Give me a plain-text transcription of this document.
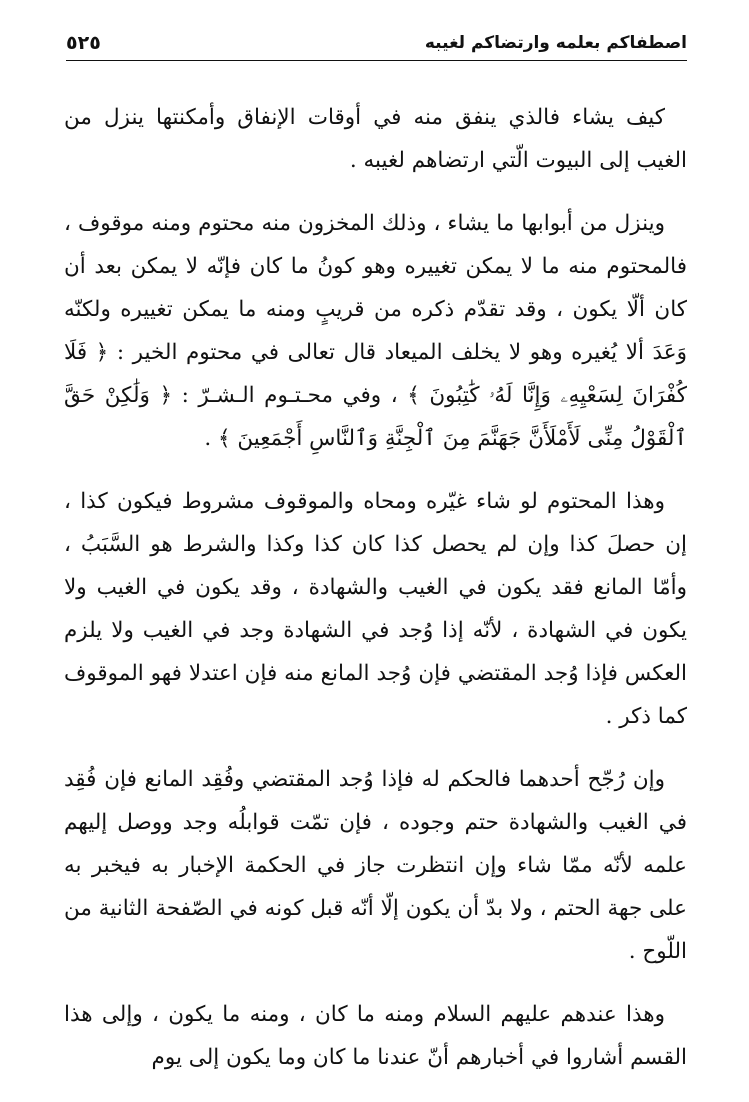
اصطفاكم بعلمه وارتضاكم لغيبه
٥٢٥

كيف يشاء فالذي ينفق منه في أوقات الإنفاق وأمكنتها ينزل من الغيب إلى البيوت الّتي ارتضاهم لغيبه .

وينزل من أبوابها ما يشاء ، وذلك المخزون منه محتوم ومنه موقوف ، فالمحتوم منه ما لا يمكن تغييره وهو كونُ ما كان فإنّه لا يمكن بعد أن كان ألّا يكون ، وقد تقدّم ذكره من قريبٍ ومنه ما يمكن تغييره ولكنّه وَعَدَ ألا يُغيره وهو لا يخلف الميعاد قال تعالى في محتوم الخير : ﴿ فَلَا كُفْرَانَ لِسَعْيِهِۦ وَإِنَّا لَهُۥ كَٰتِبُونَ ﴾ ، وفي محـتـوم الـشـرّ : ﴿ وَلَٰكِنْ حَقَّ ٱلْقَوْلُ مِنِّى لَأَمْلَأَنَّ جَهَنَّمَ مِنَ ٱلْجِنَّةِ وَٱلنَّاسِ أَجْمَعِينَ ﴾ .

وهذا المحتوم لو شاء غيّره ومحاه والموقوف مشروط فيكون كذا ، إن حصلَ كذا وإن لم يحصل كذا كان كذا وكذا والشرط هو السَّبَبُ ، وأمّا المانع فقد يكون في الغيب والشهادة ، وقد يكون في الغيب ولا يكون في الشهادة ، لأنّه إذا وُجد في الشهادة وجد في الغيب ولا يلزم العكس فإذا وُجد المقتضي فإن وُجد المانع منه فإن اعتدلا فهو الموقوف كما ذكر .

وإن رُجّح أحدهما فالحكم له فإذا وُجد المقتضي وفُقِد المانع فإن فُقِد في الغيب والشهادة حتم وجوده ، فإن تمّت قوابلُه وجد ووصل إليهم علمه لأنّه ممّا شاء وإن انتظرت جاز في الحكمة الإخبار به فيخبر به على جهة الحتم ، ولا بدّ أن يكون إلّا أنّه قبل كونه في الصّفحة الثانية من اللّوح .

وهذا عندهم عليهم السلام ومنه ما كان ، ومنه ما يكون ، وإلى هذا القسم أشاروا في أخبارهم أنّ عندنا ما كان وما يكون إلى يوم
